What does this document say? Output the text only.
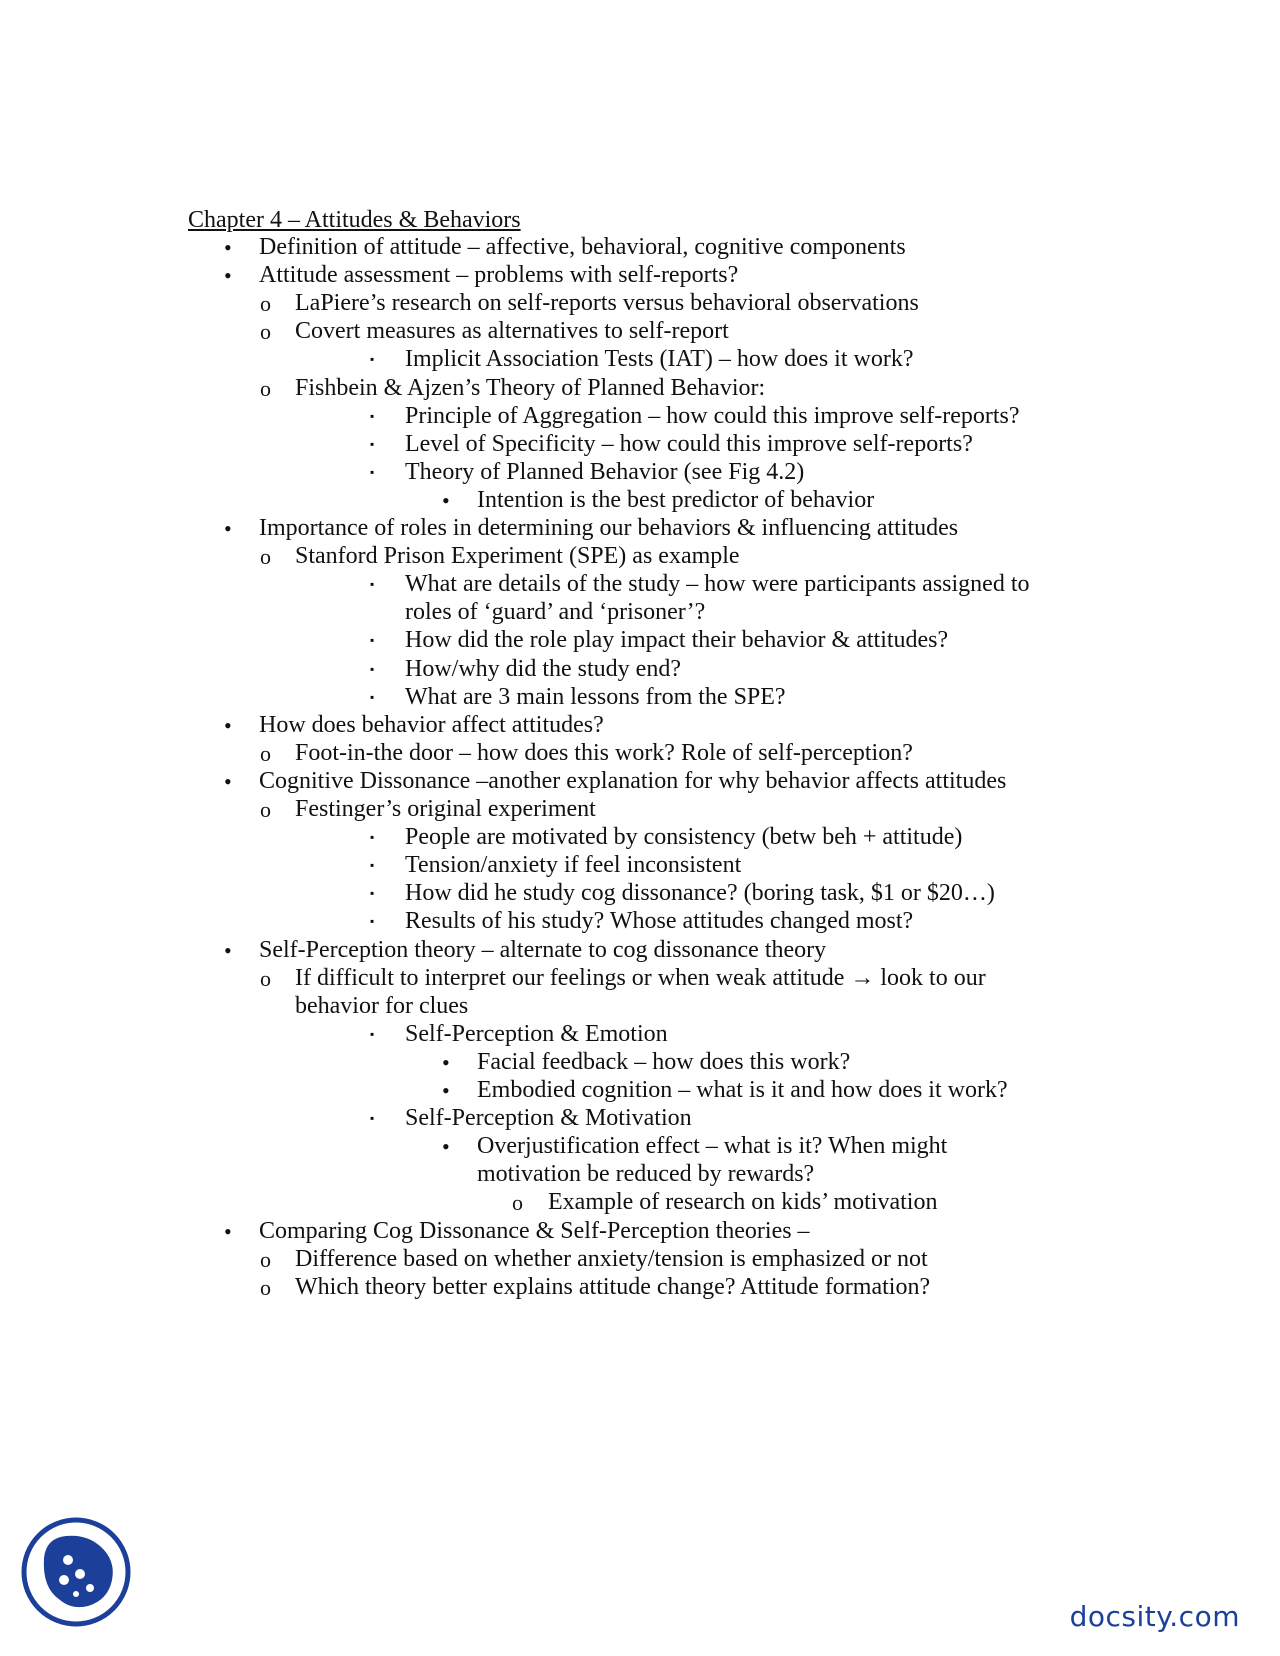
Chapter 4 – Attitudes & Behaviors
• Definition of attitude – affective, behavioral, cognitive components
• Attitude assessment – problems with self-reports?
o LaPiere’s research on self-reports versus behavioral observations
o Covert measures as alternatives to self-report
▪ Implicit Association Tests (IAT) – how does it work?
o Fishbein & Ajzen’s Theory of Planned Behavior:
▪ Principle of Aggregation – how could this improve self-reports?
▪ Level of Specificity – how could this improve self-reports?
▪ Theory of Planned Behavior (see Fig 4.2)
• Intention is the best predictor of behavior
• Importance of roles in determining our behaviors & influencing attitudes
o Stanford Prison Experiment (SPE) as example
▪ What are details of the study – how were participants assigned to
roles of ‘guard’ and ‘prisoner’?
▪ How did the role play impact their behavior & attitudes?
▪ How/why did the study end?
▪ What are 3 main lessons from the SPE?
• How does behavior affect attitudes?
o Foot-in-the door – how does this work? Role of self-perception?
• Cognitive Dissonance –another explanation for why behavior affects attitudes
o Festinger’s original experiment
▪ People are motivated by consistency (betw beh + attitude)
▪ Tension/anxiety if feel inconsistent
▪ How did he study cog dissonance? (boring task, $1 or $20…)
▪ Results of his study? Whose attitudes changed most?
• Self-Perception theory – alternate to cog dissonance theory
o If difficult to interpret our feelings or when weak attitude → look to our
behavior for clues
▪ Self-Perception & Emotion
• Facial feedback – how does this work?
• Embodied cognition – what is it and how does it work?
▪ Self-Perception & Motivation
• Overjustification effect – what is it? When might
motivation be reduced by rewards?
o Example of research on kids’ motivation
• Comparing Cog Dissonance & Self-Perception theories –
o Difference based on whether anxiety/tension is emphasized or not
o Which theory better explains attitude change? Attitude formation?
docsity.com
